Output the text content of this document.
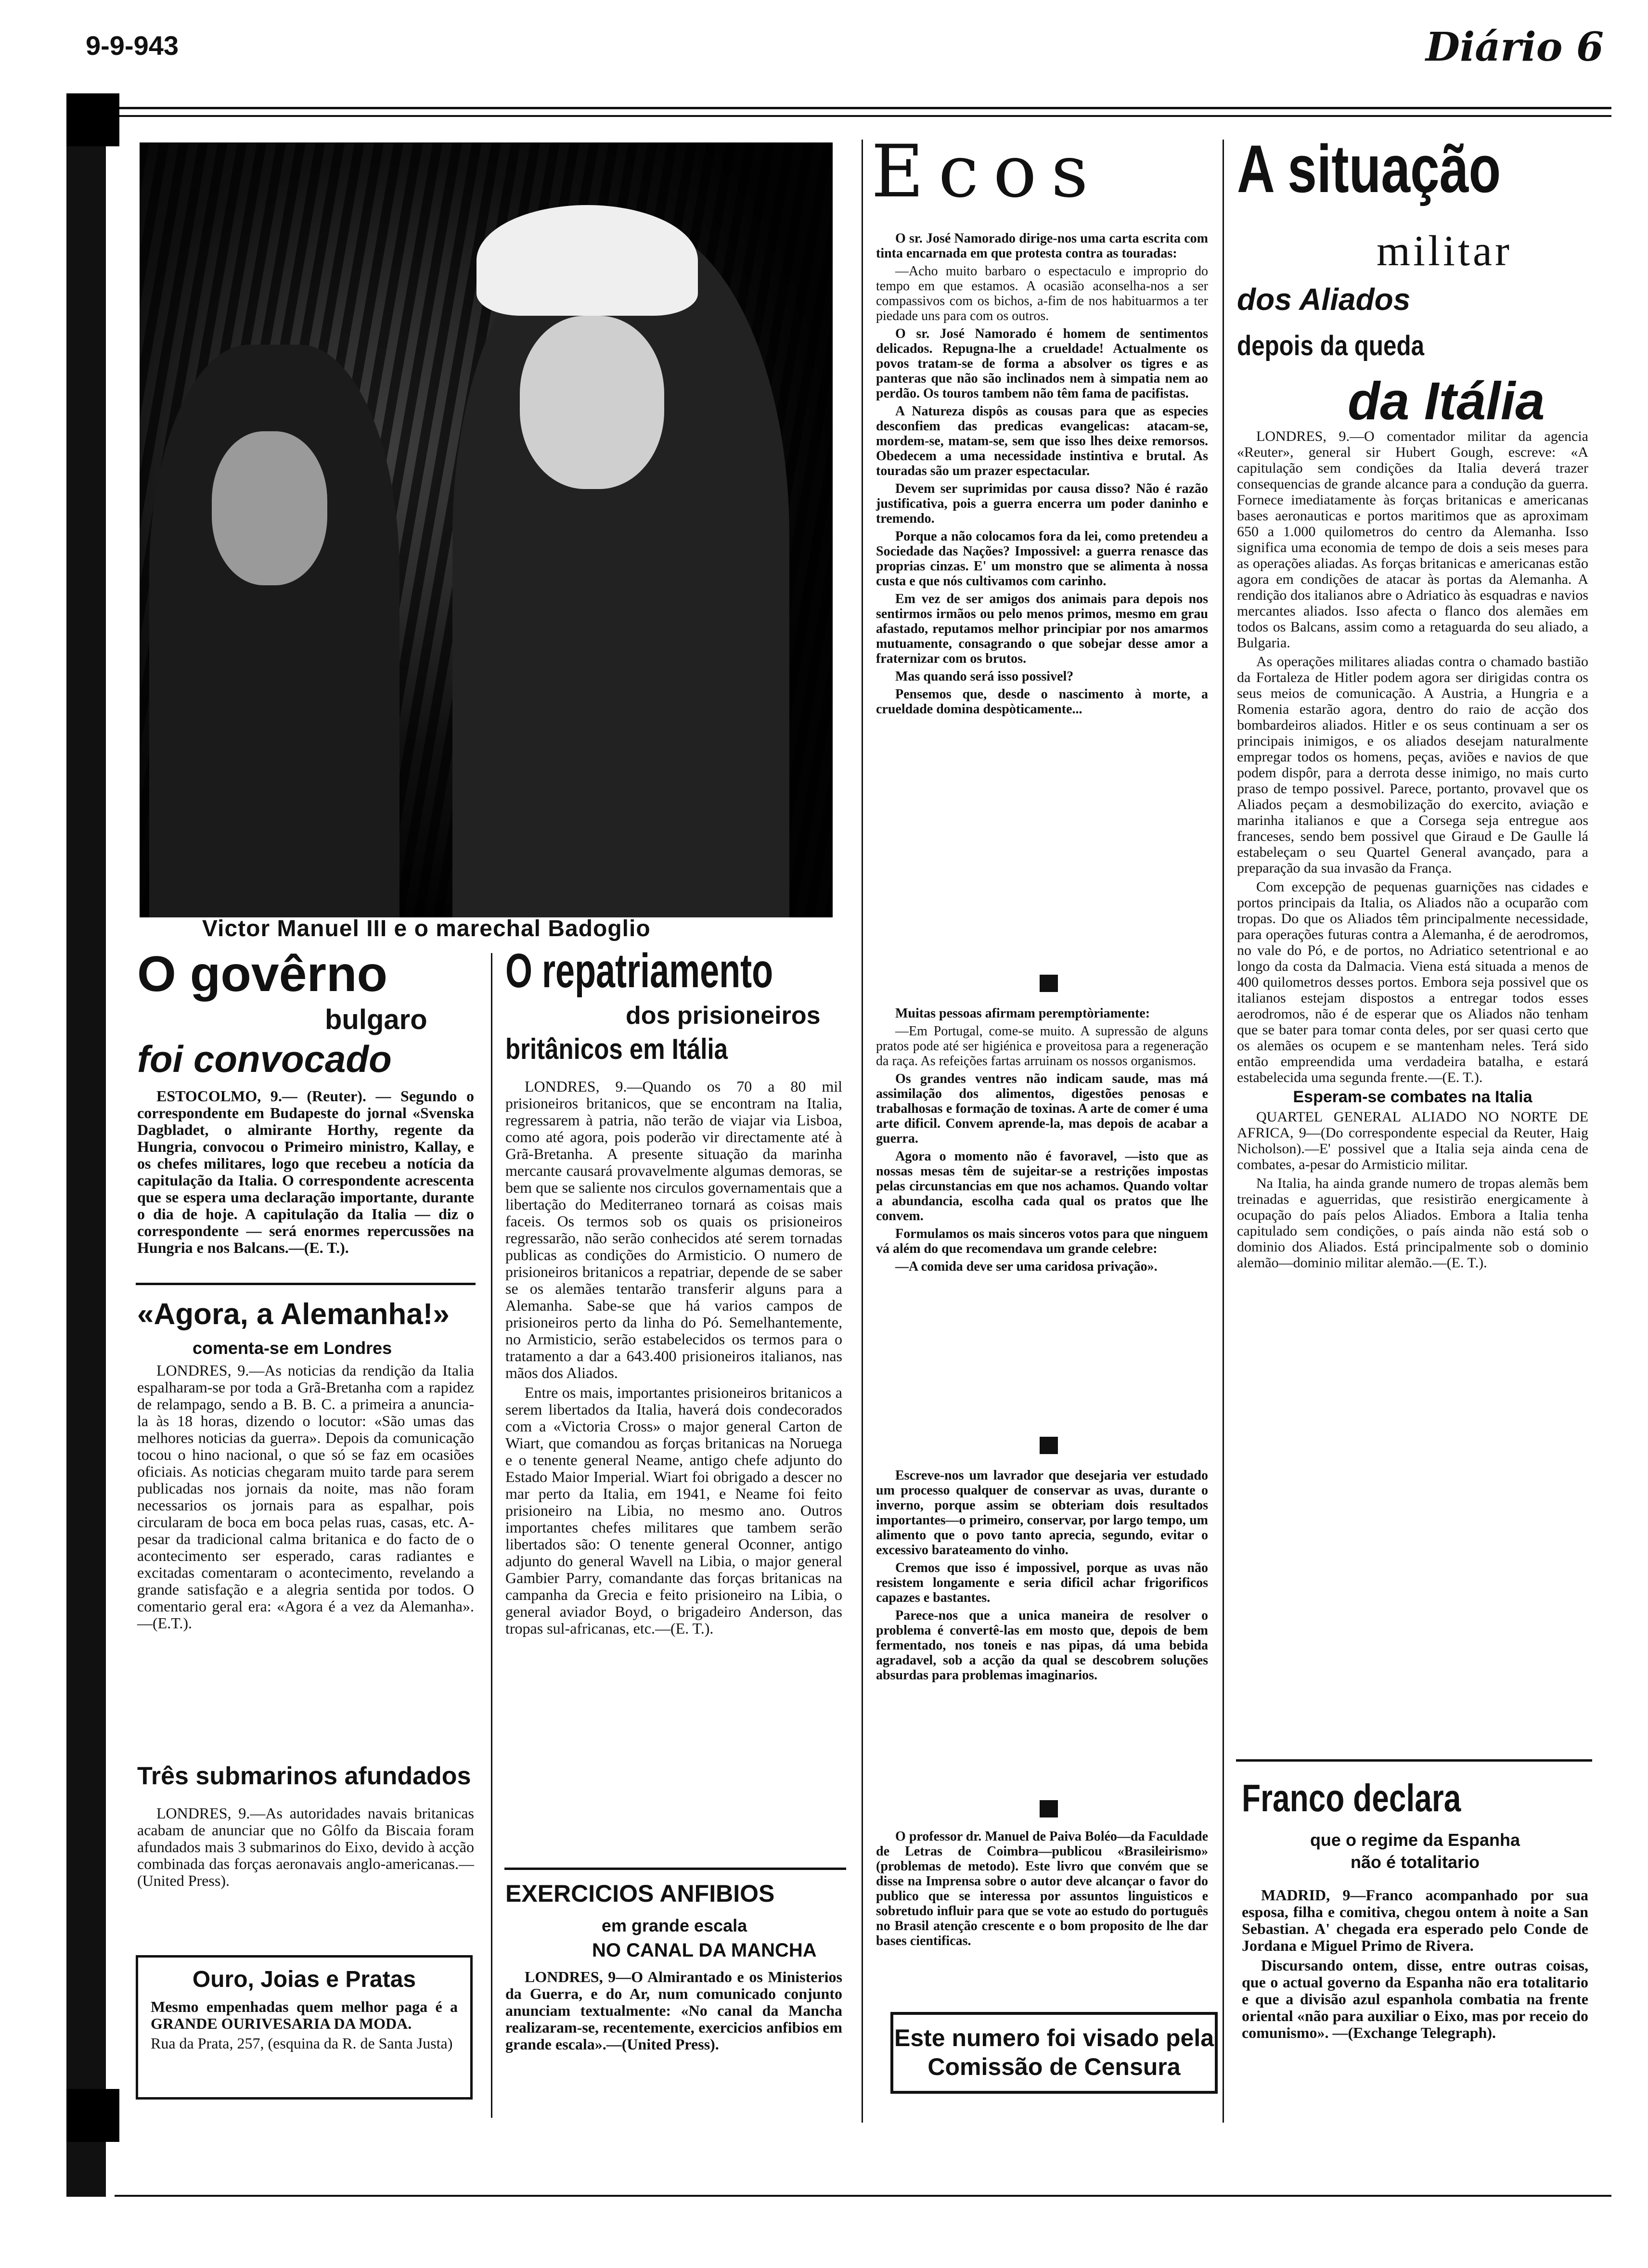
9-9-943	Diário 6
Victor Manuel III e o marechal Badoglio
O govêrno
bulgaro
foi convocado

ESTOCOLMO, 9.— (Reuter). — Segundo o correspondente em Budapeste do jornal «Svenska Dagbladet, o almirante Horthy, regente da Hungria, convocou o Primeiro ministro, Kallay, e os chefes militares, logo que recebeu a notícia da capitulação da Italia. O correspondente acrescenta que se espera uma declaração importante, durante o dia de hoje. A capitulação da Italia — diz o correspondente — será enormes repercussões na Hungria e nos Balcans.—(E. T.).

«Agora, a Alemanha!»
comenta-se em Londres

LONDRES, 9.—As noticias da rendição da Italia espalharam-se por toda a Grã-Bretanha com a rapidez de relampago, sendo a B. B. C. a primeira a anuncia-la às 18 horas, dizendo o locutor: «São umas das melhores noticias da guerra». Depois da comunicação tocou o hino nacional, o que só se faz em ocasiões oficiais. As noticias chegaram muito tarde para serem publicadas nos jornais da noite, mas não foram necessarios os jornais para as espalhar, pois circularam de boca em boca pelas ruas, casas, etc. A-pesar da tradicional calma britanica e do facto de o acontecimento ser esperado, caras radiantes e excitadas comentaram o acontecimento, revelando a grande satisfação e a alegria sentida por todos. O comentario geral era: «Agora é a vez da Alemanha».—(E.T.).

Três submarinos afundados

LONDRES, 9.—As autoridades navais britanicas acabam de anunciar que no Gôlfo da Biscaia foram afundados mais 3 submarinos do Eixo, devido à acção combinada das forças aeronavais anglo-americanas.—(United Press).

Ouro, Joias e Pratas
Mesmo empenhadas quem melhor paga é a GRANDE OURIVESARIA DA MODA.
Rua da Prata, 257, (esquina da R. de Santa Justa)
O repatriamento
dos prisioneiros
britânicos em Itália

LONDRES, 9.—Quando os 70 a 80 mil prisioneiros britanicos, que se encontram na Italia, regressarem à patria, não terão de viajar via Lisboa, como até agora, pois poderão vir directamente até à Grã-Bretanha. A presente situação da marinha mercante causará provavelmente algumas demoras, se bem que se saliente nos circulos governamentais que a libertação do Mediterraneo tornará as coisas mais faceis. Os termos sob os quais os prisioneiros regressarão, não serão conhecidos até serem tornadas publicas as condições do Armisticio. O numero de prisioneiros britanicos a repatriar, depende de se saber se os alemães tentarão transferir alguns para a Alemanha. Sabe-se que há varios campos de prisioneiros perto da linha do Pó. Semelhantemente, no Armisticio, serão estabelecidos os termos para o tratamento a dar a 643.400 prisioneiros italianos, nas mãos dos Aliados.

Entre os mais, importantes prisioneiros britanicos a serem libertados da Italia, haverá dois condecorados com a «Victoria Cross» o major general Carton de Wiart, que comandou as forças britanicas na Noruega e o tenente general Neame, antigo chefe adjunto do Estado Maior Imperial. Wiart foi obrigado a descer no mar perto da Italia, em 1941, e Neame foi feito prisioneiro na Libia, no mesmo ano. Outros importantes chefes militares que tambem serão libertados são: O tenente general Oconner, antigo adjunto do general Wavell na Libia, o major general Gambier Parry, comandante das forças britanicas na campanha da Grecia e feito prisioneiro na Libia, o general aviador Boyd, o brigadeiro Anderson, das tropas sul-africanas, etc.—(E. T.).

EXERCICIOS ANFIBIOS
em grande escala
NO CANAL DA MANCHA

LONDRES, 9—O Almirantado e os Ministerios da Guerra, e do Ar, num comunicado conjunto anunciam textualmente: «No canal da Mancha realizaram-se, recentemente, exercicios anfibios em grande escala».—(United Press).

Ecos

O sr. José Namorado dirige-nos uma carta escrita com tinta encarnada em que protesta contra as touradas:

—Acho muito barbaro o espectaculo e improprio do tempo em que estamos. A ocasião aconselha-nos a ser compassivos com os bichos, a-fim de nos habituarmos a ter piedade uns para com os outros.

O sr. José Namorado é homem de sentimentos delicados. Repugna-lhe a crueldade! Actualmente os povos tratam-se de forma a absolver os tigres e as panteras que não são inclinados nem à simpatia nem ao perdão. Os touros tambem não têm fama de pacifistas.

A Natureza dispôs as cousas para que as especies desconfiem das predicas evangelicas: atacam-se, mordem-se, matam-se, sem que isso lhes deixe remorsos. Obedecem a uma necessidade instintiva e brutal. As touradas são um prazer espectacular.

Devem ser suprimidas por causa disso? Não é razão justificativa, pois a guerra encerra um poder daninho e tremendo.

Porque a não colocamos fora da lei, como pretendeu a Sociedade das Nações? Impossivel: a guerra renasce das proprias cinzas. E' um monstro que se alimenta à nossa custa e que nós cultivamos com carinho.

Em vez de ser amigos dos animais para depois nos sentirmos irmãos ou pelo menos primos, mesmo em grau afastado, reputamos melhor principiar por nos amarmos mutuamente, consagrando o que sobejar desse amor a fraternizar com os brutos.

Mas quando será isso possivel?

Pensemos que, desde o nascimento à morte, a crueldade domina despòticamente...

Muitas pessoas afirmam peremptòriamente:

—Em Portugal, come-se muito. A supressão de alguns pratos pode até ser higiénica e proveitosa para a regeneração da raça. As refeições fartas arruinam os nossos organismos.

Os grandes ventres não indicam saude, mas má assimilação dos alimentos, digestões penosas e trabalhosas e formação de toxinas. A arte de comer é uma arte dificil. Convem aprende-la, mas depois de acabar a guerra.

Agora o momento não é favoravel, —isto que as nossas mesas têm de sujeitar-se a restrições impostas pelas circunstancias em que nos achamos. Quando voltar a abundancia, escolha cada qual os pratos que lhe convem.

Formulamos os mais sinceros votos para que ninguem vá além do que recomendava um grande celebre:

—A comida deve ser uma caridosa privação».

Escreve-nos um lavrador que desejaria ver estudado um processo qualquer de conservar as uvas, durante o inverno, porque assim se obteriam dois resultados importantes—o primeiro, conservar, por largo tempo, um alimento que o povo tanto aprecia, segundo, evitar o excessivo barateamento do vinho.

Cremos que isso é impossivel, porque as uvas não resistem longamente e seria dificil achar frigorificos capazes e bastantes.

Parece-nos que a unica maneira de resolver o problema é convertê-las em mosto que, depois de bem fermentado, nos toneis e nas pipas, dá uma bebida agradavel, sob a acção da qual se descobrem soluções absurdas para problemas imaginarios.

O professor dr. Manuel de Paiva Boléo—da Faculdade de Letras de Coimbra—publicou «Brasileirismo» (problemas de metodo). Este livro que convém que se disse na Imprensa sobre o autor deve alcançar o favor do publico que se interessa por assuntos linguisticos e sobretudo influir para que se vote ao estudo do português no Brasil atenção crescente e o bom proposito de lhe dar bases cientificas.

Este numero foi visado pela Comissão de Censura
A situação
militar
dos Aliados
depois da queda
da Itália

LONDRES, 9.—O comentador militar da agencia «Reuter», general sir Hubert Gough, escreve: «A capitulação sem condições da Italia deverá trazer consequencias de grande alcance para a condução da guerra. Fornece imediatamente às forças britanicas e americanas bases aeronauticas e portos maritimos que as aproximam 650 a 1.000 quilometros do centro da Alemanha. Isso significa uma economia de tempo de dois a seis meses para as operações aliadas. As forças britanicas e americanas estão agora em condições de atacar às portas da Alemanha. A rendição dos italianos abre o Adriatico às esquadras e navios mercantes aliados. Isso afecta o flanco dos alemães em todos os Balcans, assim como a retaguarda do seu aliado, a Bulgaria.

As operações militares aliadas contra o chamado bastião da Fortaleza de Hitler podem agora ser dirigidas contra os seus meios de comunicação. A Austria, a Hungria e a Romenia estarão agora, dentro do raio de acção dos bombardeiros aliados. Hitler e os seus continuam a ser os principais inimigos, e os aliados desejam naturalmente empregar todos os homens, peças, aviões e navios de que podem dispôr, para a derrota desse inimigo, no mais curto praso de tempo possivel. Parece, portanto, provavel que os Aliados peçam a desmobilização do exercito, aviação e marinha italianos e que a Corsega seja entregue aos franceses, sendo bem possivel que Giraud e De Gaulle lá estabeleçam o seu Quartel General avançado, para a preparação da sua invasão da França.

Com excepção de pequenas guarnições nas cidades e portos principais da Italia, os Aliados não a ocuparão com tropas. Do que os Aliados têm principalmente necessidade, para operações futuras contra a Alemanha, é de aerodromos, no vale do Pó, e de portos, no Adriatico setentrional e ao longo da costa da Dalmacia. Viena está situada a menos de 400 quilometros desses portos. Embora seja possivel que os italianos estejam dispostos a entregar todos esses aerodromos, não é de esperar que os Aliados não tenham que se bater para tomar conta deles, por ser quasi certo que os alemães os ocupem e se mantenham neles. Terá sido então empreendida uma verdadeira batalha, e estará estabelecida uma segunda frente.—(E. T.).

Esperam-se combates na Italia

QUARTEL GENERAL ALIADO NO NORTE DE AFRICA, 9—(Do correspondente especial da Reuter, Haig Nicholson).—E' possivel que a Italia seja ainda cena de combates, a-pesar do Armisticio militar.

Na Italia, ha ainda grande numero de tropas alemãs bem treinadas e aguerridas, que resistirão energicamente à ocupação do país pelos Aliados. Embora a Italia tenha capitulado sem condições, o país ainda não está sob o dominio dos Aliados. Está principalmente sob o dominio alemão—dominio militar alemão.—(E. T.).

Franco declara
que o regime da Espanha não é totalitario

MADRID, 9—Franco acompanhado por sua esposa, filha e comitiva, chegou ontem à noite a San Sebastian. A' chegada era esperado pelo Conde de Jordana e Miguel Primo de Rivera.

Discursando ontem, disse, entre outras coisas, que o actual governo da Espanha não era totalitario e que a divisão azul espanhola combatia na frente oriental «não para auxiliar o Eixo, mas por receio do comunismo». —(Exchange Telegraph).
